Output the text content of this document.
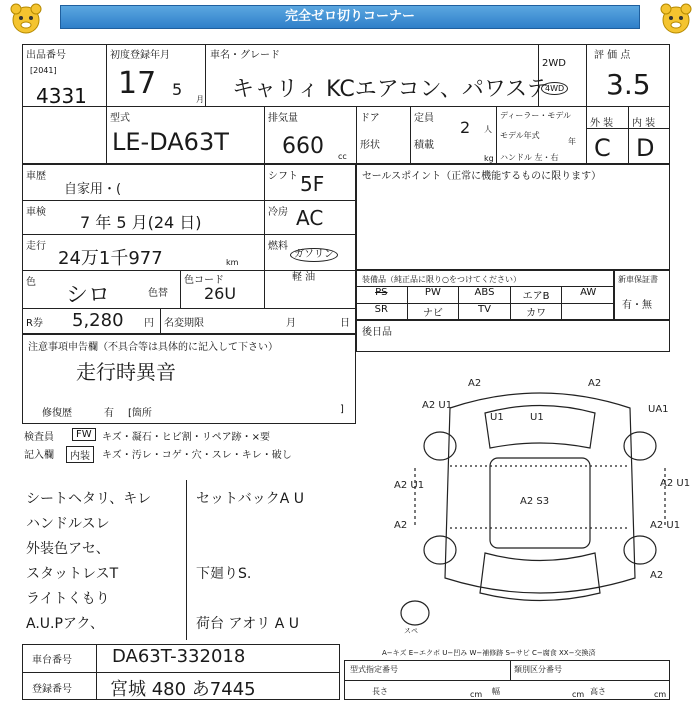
完全ゼロ切りコーナー
出品番号
[2041]
4331
初度登録年月
17 5
月
車名・グレード
キャリィ KCエアコン、パワステ
2WD
4WD
評 価 点
3.5
型式
LE-DA63T
排気量
660 cc
ドア
形状
定員
積載
2 人
kg
ディーラー・モデル
モデル年式
年
ハンドル 左・右
外 装 内 装
C D
車歴
自家用・(
シフト 5F
車検
7 年 5 月(24 日)
冷房 AC
走行
24万1千977	km
燃料
ガソリン
軽 油
色
シロ	色替
色コード
26U
R券 5,280 円 名変期限	月	日
セールスポイント（正常に機能するものに限ります）
装備品（純正品に限り○をつけてください）
PS	PW	ABS	エアB	AW
SR	ナビ	TV	カワ
新車保証書
有・無
後日品
注意事項申告欄（不具合等は具体的に記入して下さい）
走行時異音
修復歴	有 [箇所	]
検査員	FW	キズ・凝石・ヒビ割・リペア跡・×要
記入欄	内装	キズ・汚レ・コゲ・穴・スレ・キレ・破し
シートヘタリ、キレ
ハンドルスレ
外装色アセ、
スタットレスT
ライトくもり
A.U.Pアク、
セットバックA U
下廻りS.
荷台 アオリ A U
A2 U1
A2	A2
A2 U1
U1	U1
UA1
A2 U1
A2 S3
A2 U1
A2
A2
スペ
A−キズ E−エクボ U−凹み W−補修跡 S−サビ C−腐食 XX−交換済
型式指定番号	類別区分番号
長さ	cm 幅	cm 高さ	cm
車台番号 DA63T-332018
登録番号 宮城 480 あ7445
